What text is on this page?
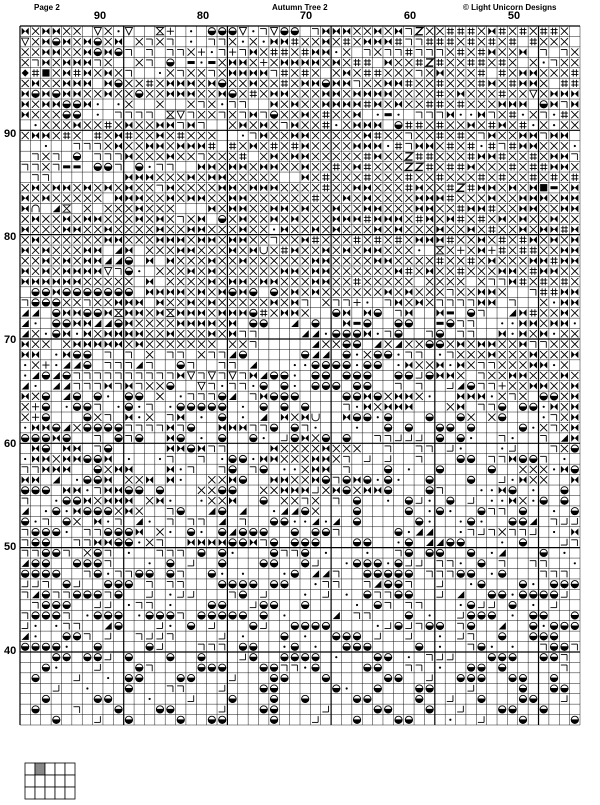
Page 2	Autumn Tree 2	© Light Unicorn Designs
90	80	70	60	50
90
80
70
60
50
40
